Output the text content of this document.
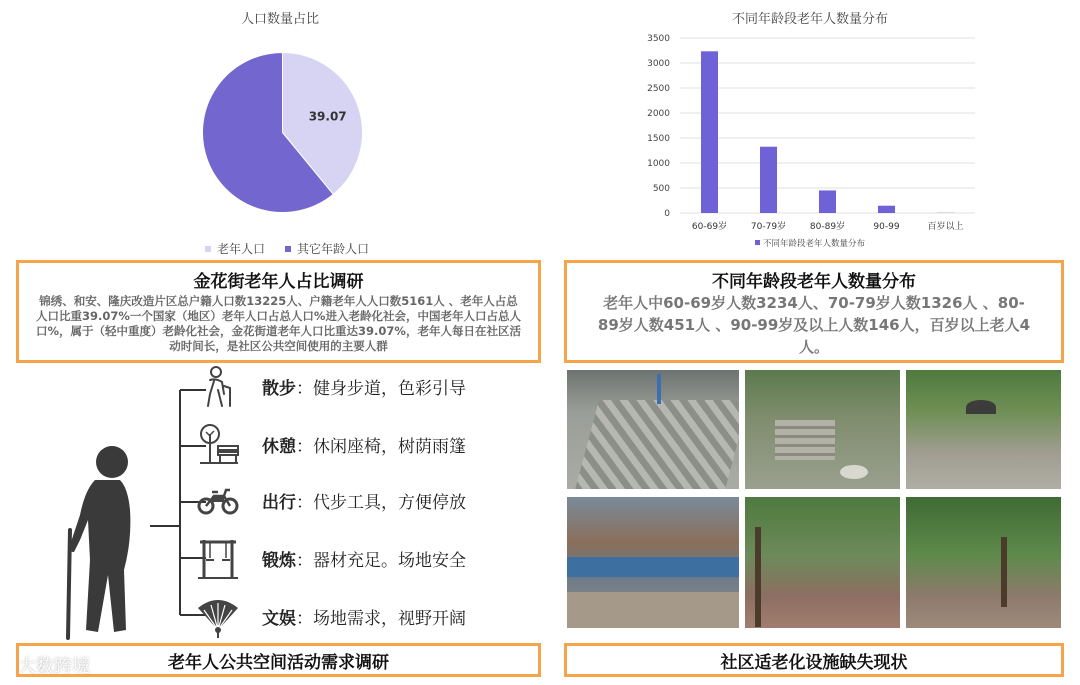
人口数量占比
39.07
老年人口	其它年龄人口
不同年龄段老年人数量分布
0
500
1000
1500
2000
2500
3000
3500
60-69岁	70-79岁	80-89岁	90-99	百岁以上
不同年龄段老年人数量分布
金花街老年人占比调研
锦绣、和安、隆庆改造片区总户籍人口数13225人、户籍老年人人口数5161人 、老年人占总人口比重39.07%一个国家（地区）老年人口占总人口%进入老龄化社会，中国老年人口占总人口%，属于（轻中重度）老龄化社会，金花街道老年人口比重达39.07%，老年人每日在社区活动时间长，是社区公共空间使用的主要人群
不同年龄段老年人数量分布
老年人中60-69岁人数3234人、70-79岁人数1326人 、80-89岁人数451人 、90-99岁及以上人数146人，百岁以上老人4人。
散步：健身步道，色彩引导
休憩：休闲座椅，树荫雨篷
出行：代步工具，方便停放
锻炼：器材充足。场地安全
文娱：场地需求，视野开阔
老年人公共空间活动需求调研	社区适老化设施缺失现状
大数跨境
